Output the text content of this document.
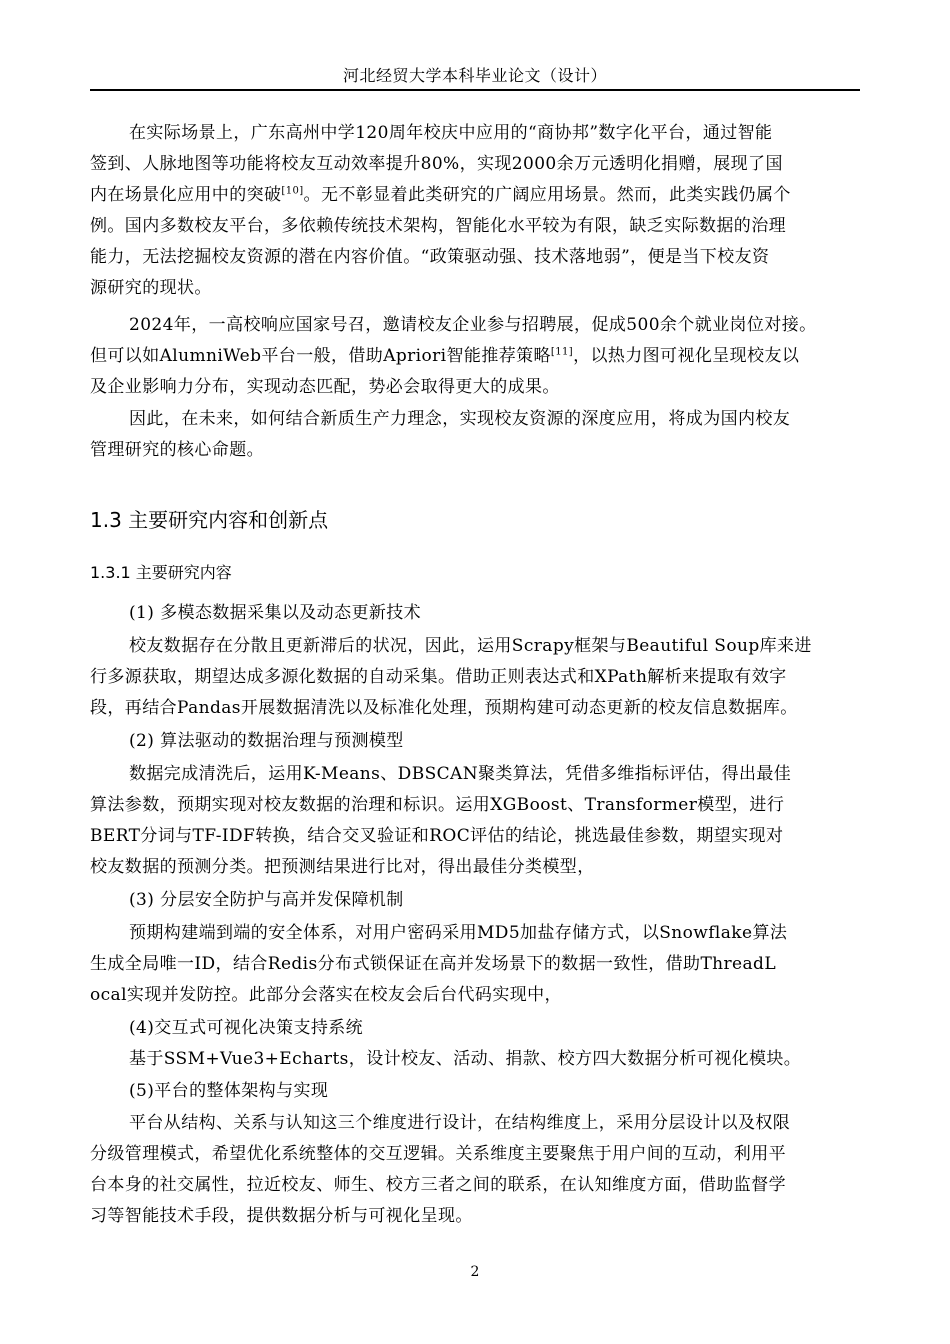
河北经贸大学本科毕业论文（设计）
在实际场景上，广东高州中学120周年校庆中应用的“商协邦”数字化平台，通过智能
签到、人脉地图等功能将校友互动效率提升80%，实现2000余万元透明化捐赠，展现了国
内在场景化应用中的突破[10]。无不彰显着此类研究的广阔应用场景。然而，此类实践仍属个
例。国内多数校友平台，多依赖传统技术架构，智能化水平较为有限，缺乏实际数据的治理
能力，无法挖掘校友资源的潜在内容价值。“政策驱动强、技术落地弱”，便是当下校友资
源研究的现状。
2024年，一高校响应国家号召，邀请校友企业参与招聘展，促成500余个就业岗位对接。
但可以如AlumniWeb平台一般，借助Apriori智能推荐策略[11]，以热力图可视化呈现校友以
及企业影响力分布，实现动态匹配，势必会取得更大的成果。
因此，在未来，如何结合新质生产力理念，实现校友资源的深度应用，将成为国内校友
管理研究的核心命题。
1.3 主要研究内容和创新点
1.3.1 主要研究内容
(1) 多模态数据采集以及动态更新技术
校友数据存在分散且更新滞后的状况，因此，运用Scrapy框架与Beautiful Soup库来进
行多源获取，期望达成多源化数据的自动采集。借助正则表达式和XPath解析来提取有效字
段，再结合Pandas开展数据清洗以及标准化处理，预期构建可动态更新的校友信息数据库。
(2) 算法驱动的数据治理与预测模型
数据完成清洗后，运用K-Means、DBSCAN聚类算法，凭借多维指标评估，得出最佳
算法参数，预期实现对校友数据的治理和标识。运用XGBoost、Transformer模型，进行
BERT分词与TF-IDF转换，结合交叉验证和ROC评估的结论，挑选最佳参数，期望实现对
校友数据的预测分类。把预测结果进行比对，得出最佳分类模型，
(3) 分层安全防护与高并发保障机制
预期构建端到端的安全体系，对用户密码采用MD5加盐存储方式，以Snowflake算法
生成全局唯一ID，结合Redis分布式锁保证在高并发场景下的数据一致性，借助ThreadL
ocal实现并发防控。此部分会落实在校友会后台代码实现中，
(4)交互式可视化决策支持系统
基于SSM+Vue3+Echarts，设计校友、活动、捐款、校方四大数据分析可视化模块。
(5)平台的整体架构与实现
平台从结构、关系与认知这三个维度进行设计，在结构维度上，采用分层设计以及权限
分级管理模式，希望优化系统整体的交互逻辑。关系维度主要聚焦于用户间的互动，利用平
台本身的社交属性，拉近校友、师生、校方三者之间的联系，在认知维度方面，借助监督学
习等智能技术手段，提供数据分析与可视化呈现。
2
